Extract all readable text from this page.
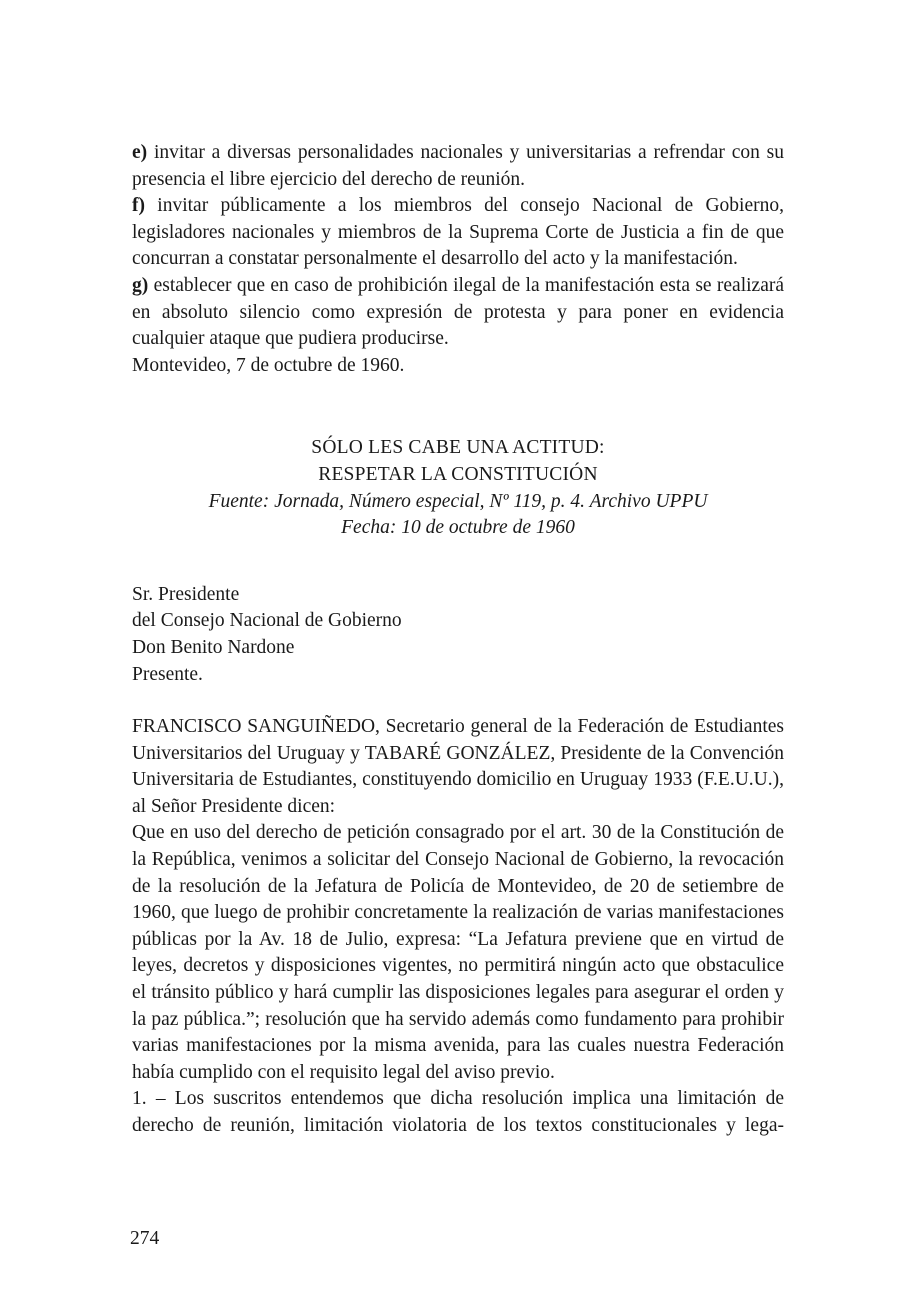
e) invitar a diversas personalidades nacionales y universitarias a refrendar con su presencia el libre ejercicio del derecho de reunión.

f) invitar públicamente a los miembros del consejo Nacional de Gobierno, legisladores nacionales y miembros de la Suprema Corte de Justicia a fin de que concurran a constatar personalmente el desarrollo del acto y la manifestación.

g) establecer que en caso de prohibición ilegal de la manifestación esta se realizará en absoluto silencio como expresión de protesta y para poner en evidencia cualquier ataque que pudiera producirse.

Montevideo, 7 de octubre de 1960.

SÓLO LES CABE UNA ACTITUD:
RESPETAR LA CONSTITUCIÓN
Fuente: Jornada, Número especial, Nº 119, p. 4. Archivo UPPU
Fecha: 10 de octubre de 1960
Sr. Presidente
del Consejo Nacional de Gobierno
Don Benito Nardone
Presente.

FRANCISCO SANGUIÑEDO, Secretario general de la Federación de Estudiantes Universitarios del Uruguay y TABARÉ GONZÁLEZ, Presidente de la Convención Universitaria de Estudiantes, constituyendo domicilio en Uruguay 1933 (F.E.U.U.), al Señor Presidente dicen:

Que en uso del derecho de petición consagrado por el art. 30 de la Constitución de la República, venimos a solicitar del Consejo Nacional de Gobierno, la revocación de la resolución de la Jefatura de Policía de Montevideo, de 20 de setiembre de 1960, que luego de prohibir concretamente la realización de varias manifestaciones públicas por la Av. 18 de Julio, expresa: “La Jefatura previene que en virtud de leyes, decretos y disposiciones vigentes, no permitirá ningún acto que obstaculice el tránsito público y hará cumplir las disposiciones legales para asegurar el orden y la paz pública.”; resolución que ha servido además como fundamento para prohibir varias manifestaciones por la misma avenida, para las cuales nuestra Federación había cumplido con el requisito legal del aviso previo.

1. – Los suscritos entendemos que dicha resolución implica una limitación de derecho de reunión, limitación violatoria de los textos constitucionales y lega-

274
